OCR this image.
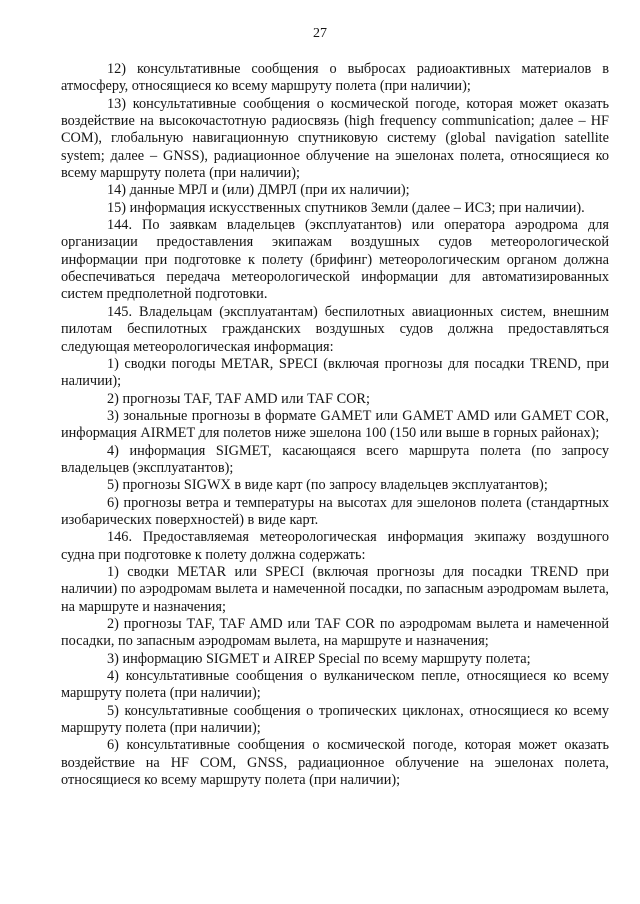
27

12) консультативные сообщения о выбросах радиоактивных материалов в атмосферу, относящиеся ко всему маршруту полета (при наличии);

13) консультативные сообщения о космической погоде, которая может оказать воздействие на высокочастотную радиосвязь (high frequency communication; далее – HF COM), глобальную навигационную спутниковую систему (global navigation satellite system; далее – GNSS), радиационное облучение на эшелонах полета, относящиеся ко всему маршруту полета (при наличии);

14) данные МРЛ и (или) ДМРЛ (при их наличии);

15) информация искусственных спутников Земли (далее – ИСЗ; при наличии).

144. По заявкам владельцев (эксплуатантов) или оператора аэродрома для организации предоставления экипажам воздушных судов метеорологической информации при подготовке к полету (брифинг) метеорологическим органом должна обеспечиваться передача метеорологической информации для автоматизированных систем предполетной подготовки.

145. Владельцам (эксплуатантам) беспилотных авиационных систем, внешним пилотам беспилотных гражданских воздушных судов должна предоставляться следующая метеорологическая информация:

1) сводки погоды METAR, SPECI (включая прогнозы для посадки TREND, при наличии);

2) прогнозы TAF, TAF AMD или TAF COR;

3) зональные прогнозы в формате GAMET или GAMET AMD или GAMET COR, информация AIRMET для полетов ниже эшелона 100 (150 или выше в горных районах);

4) информация SIGMET, касающаяся всего маршрута полета (по запросу владельцев (эксплуатантов);

5) прогнозы SIGWX в виде карт (по запросу владельцев эксплуатантов);

6) прогнозы ветра и температуры на высотах для эшелонов полета (стандартных изобарических поверхностей) в виде карт.

146. Предоставляемая метеорологическая информация экипажу воздушного судна при подготовке к полету должна содержать:

1) сводки METAR или SPECI (включая прогнозы для посадки TREND при наличии) по аэродромам вылета и намеченной посадки, по запасным аэродромам вылета, на маршруте и назначения;

2) прогнозы TAF, TAF AMD или TAF COR по аэродромам вылета и намеченной посадки, по запасным аэродромам вылета, на маршруте и назначения;

3) информацию SIGMET и AIREP Special по всему маршруту полета;

4) консультативные сообщения о вулканическом пепле, относящиеся ко всему маршруту полета (при наличии);

5) консультативные сообщения о тропических циклонах, относящиеся ко всему маршруту полета (при наличии);

6) консультативные сообщения о космической погоде, которая может оказать воздействие на HF COM, GNSS, радиационное облучение на эшелонах полета, относящиеся ко всему маршруту полета (при наличии);
